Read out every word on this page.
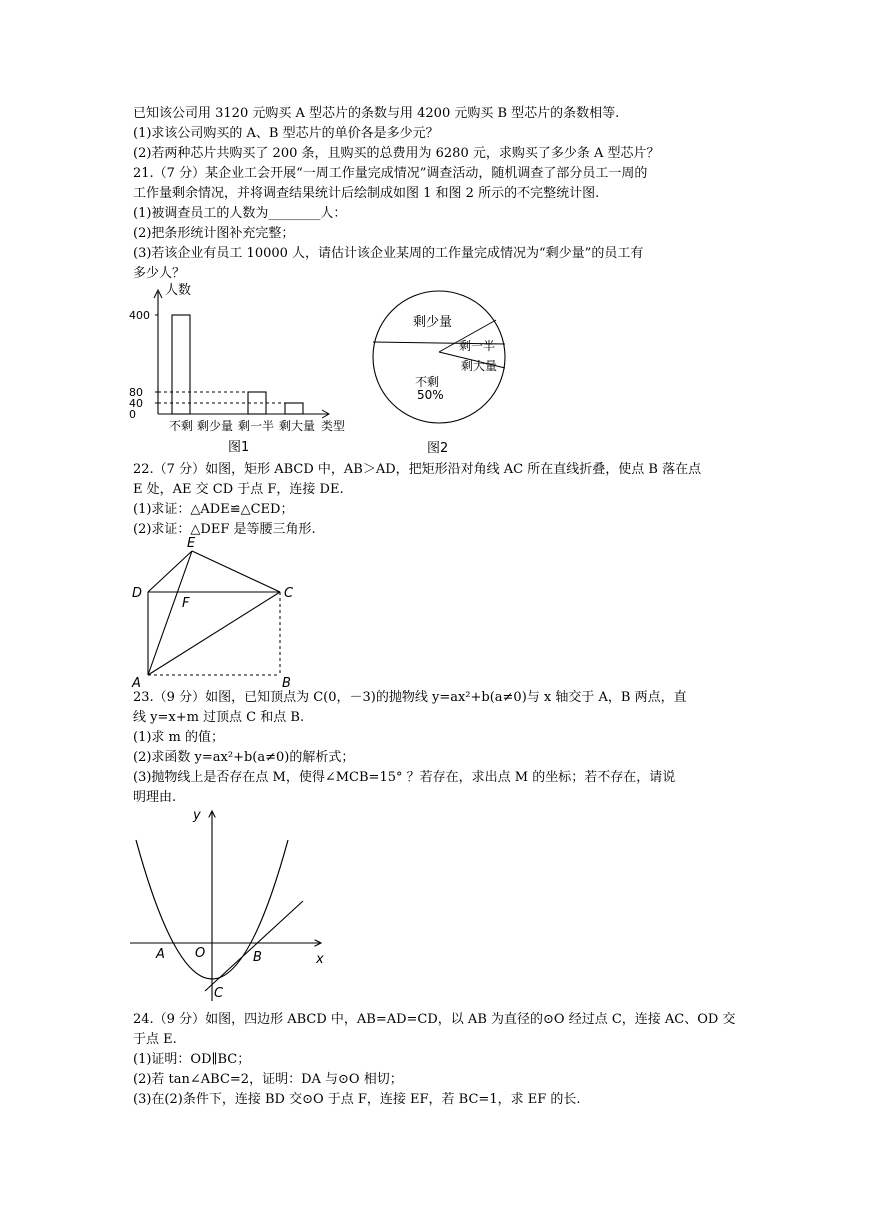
已知该公司用 3120 元购买 A 型芯片的条数与用 4200 元购买 B 型芯片的条数相等.
(1)求该公司购买的 A、B 型芯片的单价各是多少元？
(2)若两种芯片共购买了 200 条，且购买的总费用为 6280 元，求购买了多少条 A 型芯片？
21.（7 分）某企业工会开展“一周工作量完成情况”调查活动，随机调查了部分员工一周的
工作量剩余情况，并将调查结果统计后绘制成如图 1 和图 2 所示的不完整统计图.
(1)被调查员工的人数为________人：
(2)把条形统计图补充完整；
(3)若该企业有员工 10000 人，请估计该企业某周的工作量完成情况为“剩少量”的员工有
多少人？
22.（7 分）如图，矩形 ABCD 中，AB＞AD，把矩形沿对角线 AC 所在直线折叠，使点 B 落在点
E 处，AE 交 CD 于点 F，连接 DE.
(1)求证：△ADE≌△CED；
(2)求证：△DEF 是等腰三角形.
23.（9 分）如图，已知顶点为 C(0，－3)的抛物线 y=ax²+b(a≠0)与 x 轴交于 A，B 两点，直
线 y=x+m 过顶点 C 和点 B.
(1)求 m 的值；
(2)求函数 y=ax²+b(a≠0)的解析式；
(3)抛物线上是否存在点 M，使得∠MCB=15° ？若存在，求出点 M 的坐标；若不存在，请说
明理由.
24.（9 分）如图，四边形 ABCD 中，AB=AD=CD，以 AB 为直径的⊙O 经过点 C，连接 AC、OD 交
于点 E.
(1)证明：OD∥BC；
(2)若 tan∠ABC=2，证明：DA 与⊙O 相切；
(3)在(2)条件下，连接 BD 交⊙O 于点 F，连接 EF，若 BC=1，求 EF 的长.
人数
0
40
80
400
不剩 剩少量 剩一半 剩大量 类型
图1
剩少量
剩一半
剩大量
不剩
50%
图2
E
D
F
C
A	B
y
x
A O	B
C
